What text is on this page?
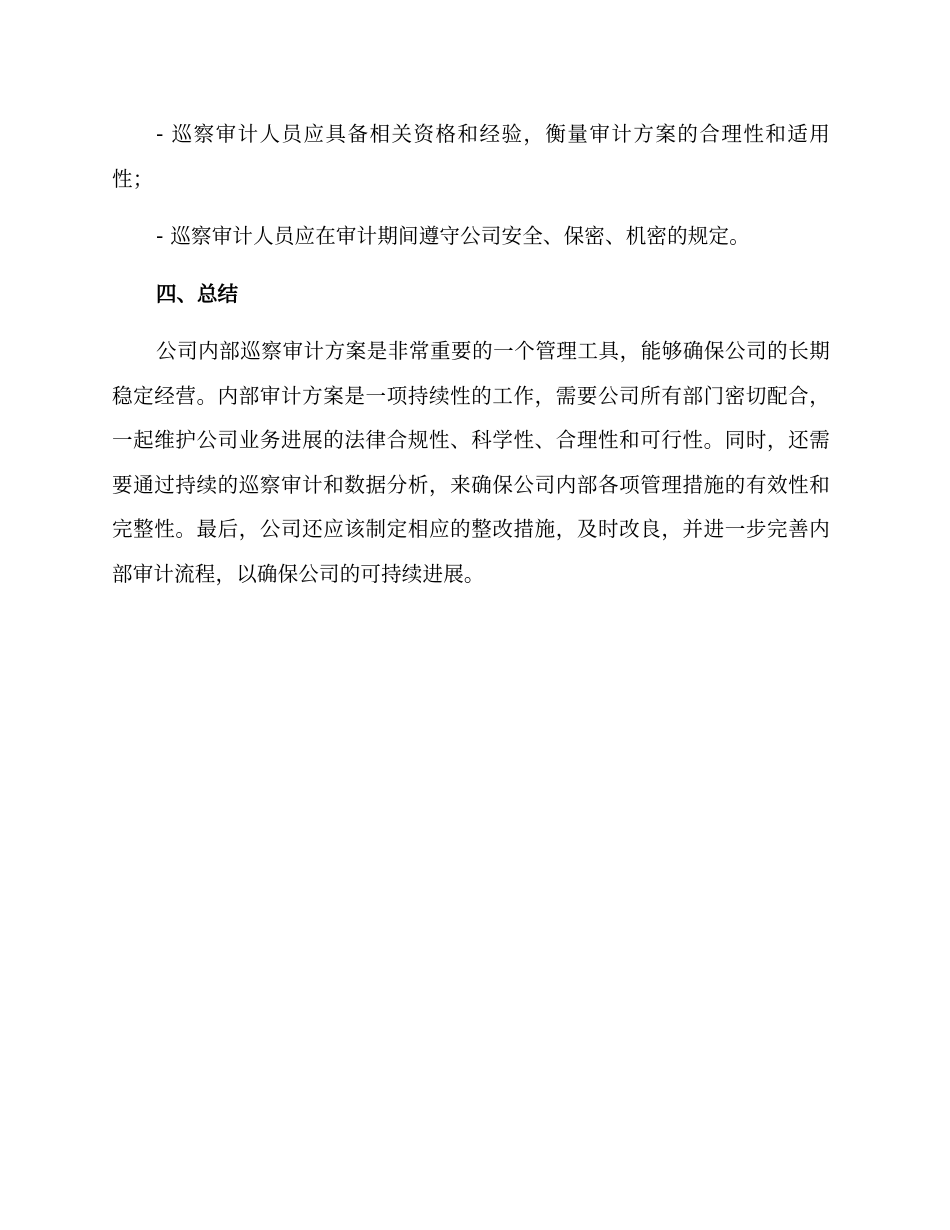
- 巡察审计人员应具备相关资格和经验，衡量审计方案的合理性和适用性；

- 巡察审计人员应在审计期间遵守公司安全、保密、机密的规定。

四、总结

公司内部巡察审计方案是非常重要的一个管理工具，能够确保公司的长期稳定经营。内部审计方案是一项持续性的工作，需要公司所有部门密切配合，一起维护公司业务进展的法律合规性、科学性、合理性和可行性。同时，还需要通过持续的巡察审计和数据分析，来确保公司内部各项管理措施的有效性和完整性。最后，公司还应该制定相应的整改措施，及时改良，并进一步完善内部审计流程，以确保公司的可持续进展。
